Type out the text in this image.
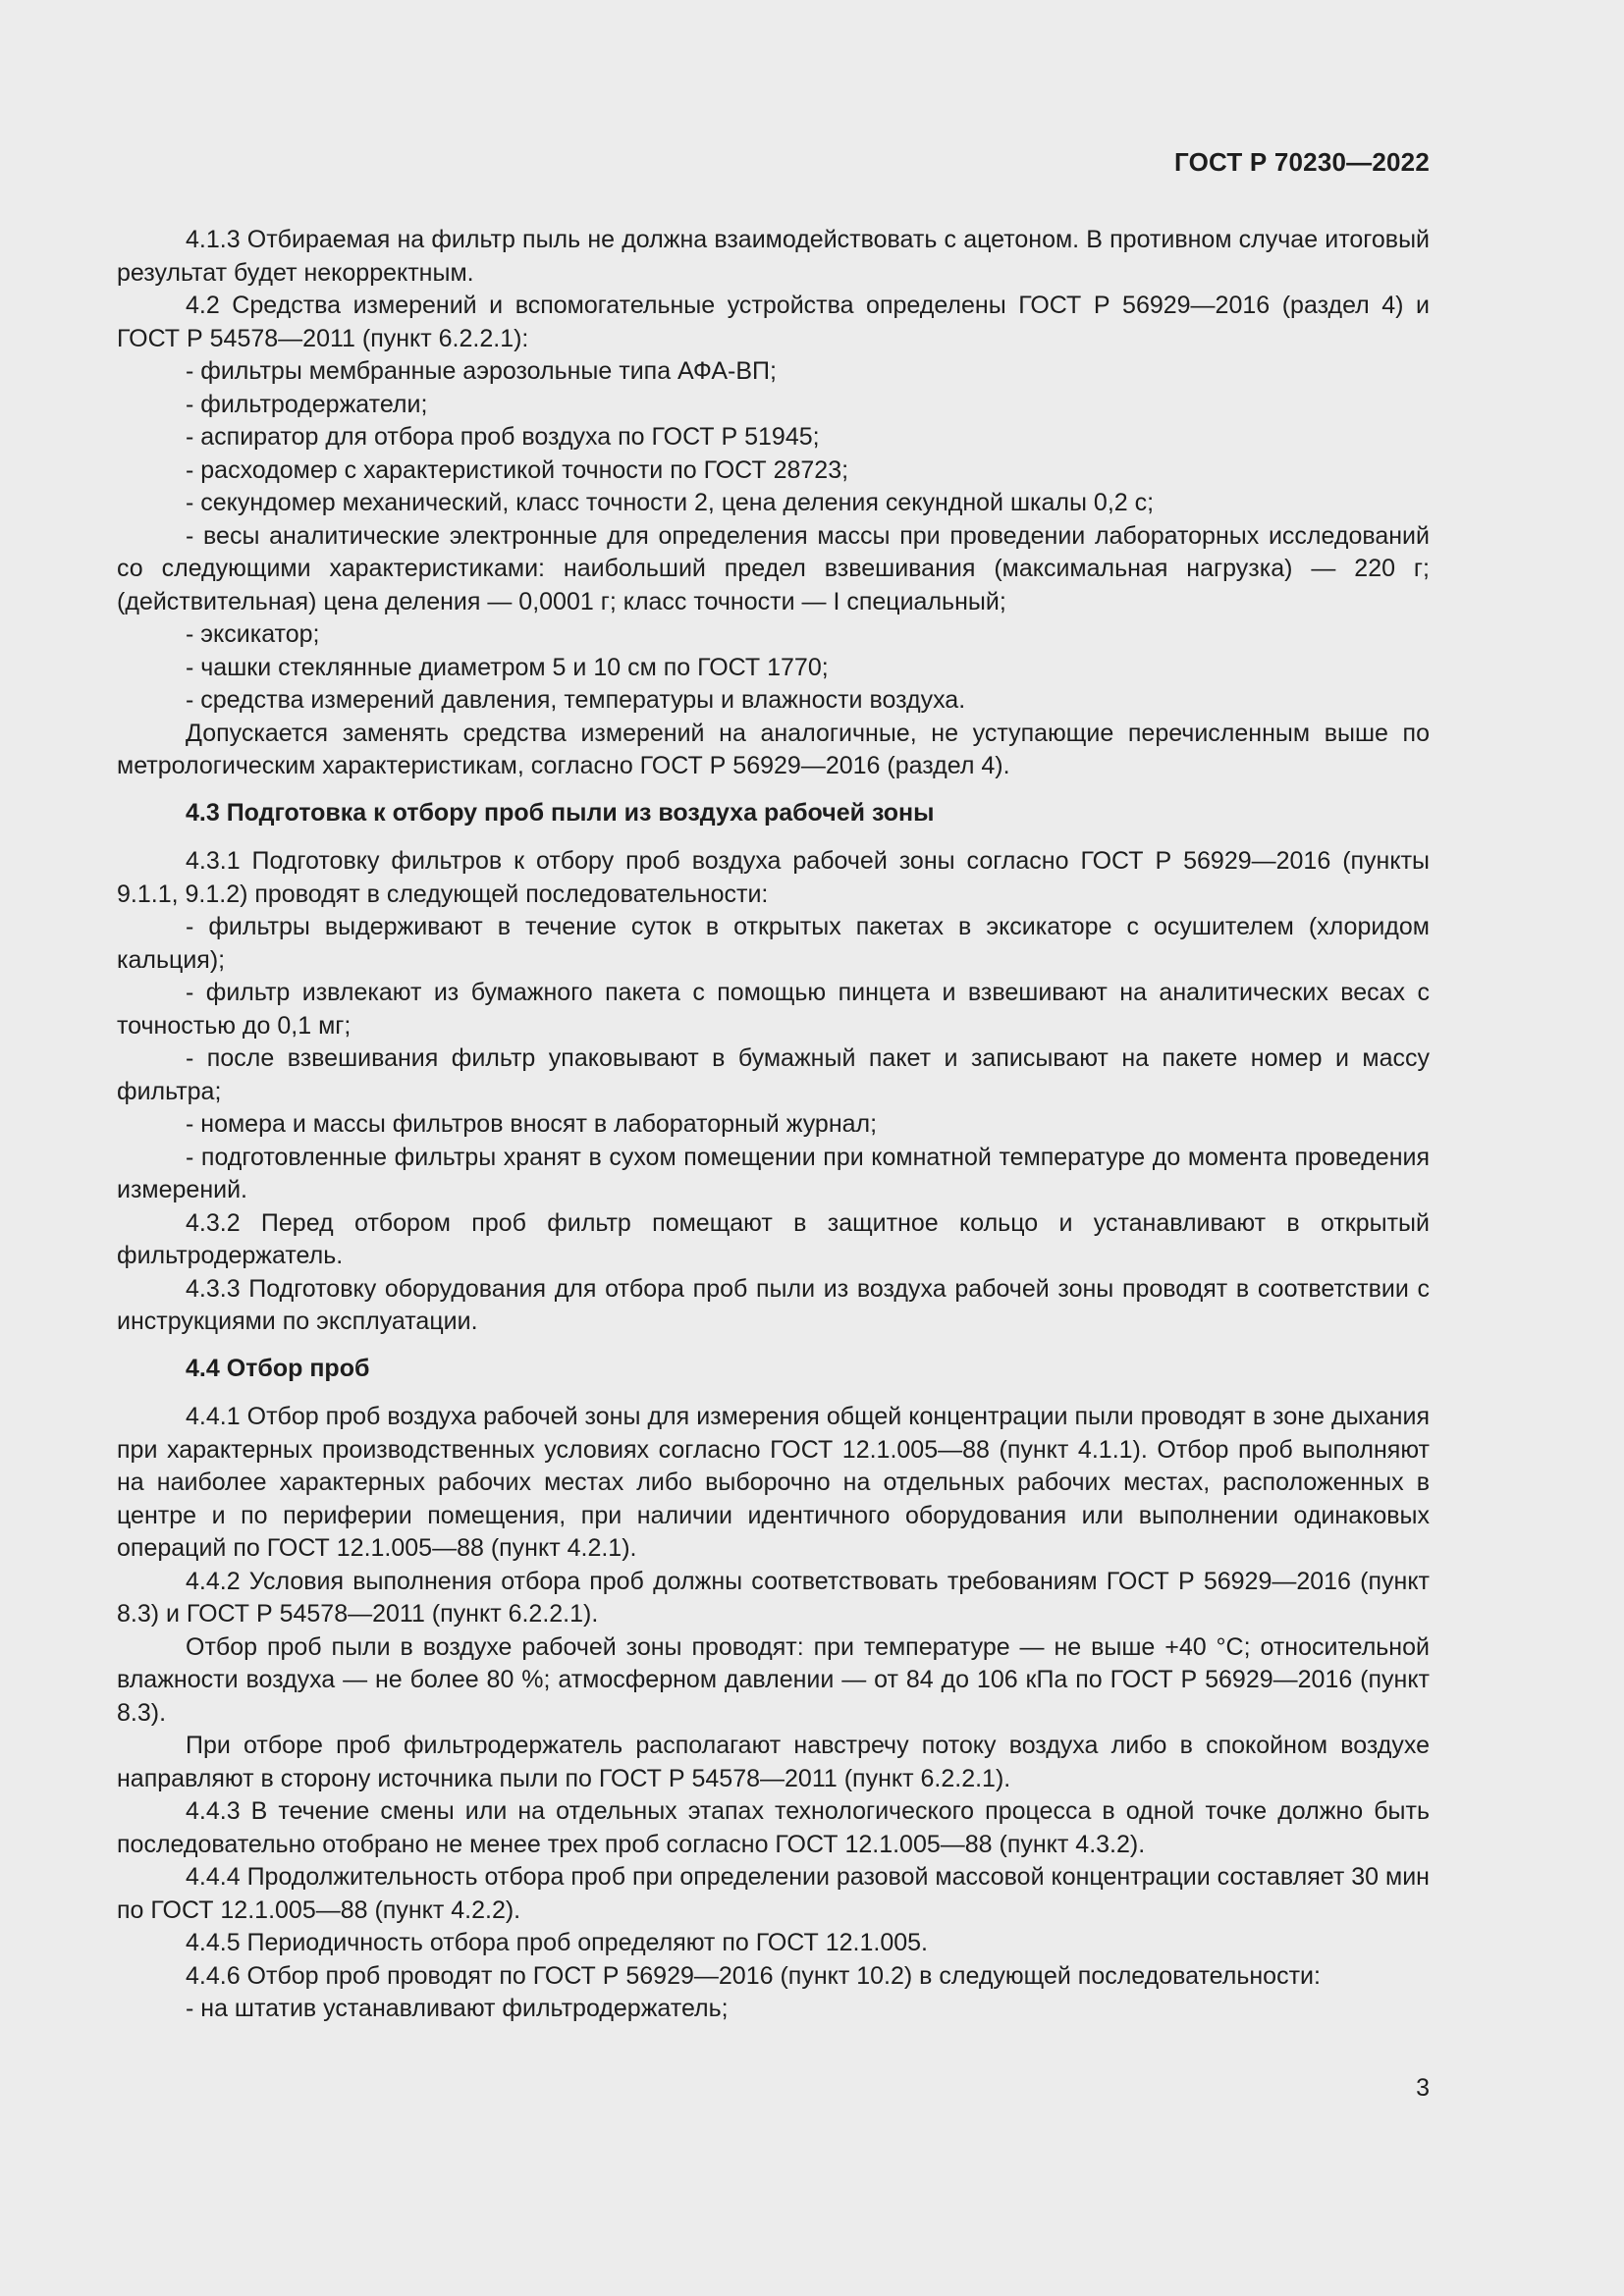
ГОСТ Р 70230—2022

4.1.3 Отбираемая на фильтр пыль не должна взаимодействовать с ацетоном. В противном случае итоговый результат будет некорректным.

4.2 Средства измерений и вспомогательные устройства определены ГОСТ Р 56929—2016 (раздел 4) и ГОСТ Р 54578—2011 (пункт 6.2.2.1):

- фильтры мембранные аэрозольные типа АФА-ВП;

- фильтродержатели;

- аспиратор для отбора проб воздуха по ГОСТ Р 51945;

- расходомер с характеристикой точности по ГОСТ 28723;

- секундомер механический, класс точности 2, цена деления секундной шкалы 0,2 с;

- весы аналитические электронные для определения массы при проведении лабораторных исследований со следующими характеристиками: наибольший предел взвешивания (максимальная нагрузка) — 220 г; (действительная) цена деления — 0,0001 г; класс точности — I специальный;

- эксикатор;

- чашки стеклянные диаметром 5 и 10 см по ГОСТ 1770;

- средства измерений давления, температуры и влажности воздуха.

Допускается заменять средства измерений на аналогичные, не уступающие перечисленным выше по метрологическим характеристикам, согласно ГОСТ Р 56929—2016 (раздел 4).

4.3 Подготовка к отбору проб пыли из воздуха рабочей зоны

4.3.1 Подготовку фильтров к отбору проб воздуха рабочей зоны согласно ГОСТ Р 56929—2016 (пункты 9.1.1, 9.1.2) проводят в следующей последовательности:

- фильтры выдерживают в течение суток в открытых пакетах в эксикаторе с осушителем (хлоридом кальция);

- фильтр извлекают из бумажного пакета с помощью пинцета и взвешивают на аналитических весах с точностью до 0,1 мг;

- после взвешивания фильтр упаковывают в бумажный пакет и записывают на пакете номер и массу фильтра;

- номера и массы фильтров вносят в лабораторный журнал;

- подготовленные фильтры хранят в сухом помещении при комнатной температуре до момента проведения измерений.

4.3.2 Перед отбором проб фильтр помещают в защитное кольцо и устанавливают в открытый фильтродержатель.

4.3.3 Подготовку оборудования для отбора проб пыли из воздуха рабочей зоны проводят в соответствии с инструкциями по эксплуатации.

4.4 Отбор проб

4.4.1 Отбор проб воздуха рабочей зоны для измерения общей концентрации пыли проводят в зоне дыхания при характерных производственных условиях согласно ГОСТ 12.1.005—88 (пункт 4.1.1). Отбор проб выполняют на наиболее характерных рабочих местах либо выборочно на отдельных рабочих местах, расположенных в центре и по периферии помещения, при наличии идентичного оборудования или выполнении одинаковых операций по ГОСТ 12.1.005—88 (пункт 4.2.1).

4.4.2 Условия выполнения отбора проб должны соответствовать требованиям ГОСТ Р 56929—2016 (пункт 8.3) и ГОСТ Р 54578—2011 (пункт 6.2.2.1).

Отбор проб пыли в воздухе рабочей зоны проводят: при температуре — не выше +40 °С; относительной влажности воздуха — не более 80 %; атмосферном давлении — от 84 до 106 кПа по ГОСТ Р 56929—2016 (пункт 8.3).

При отборе проб фильтродержатель располагают навстречу потоку воздуха либо в спокойном воздухе направляют в сторону источника пыли по ГОСТ Р 54578—2011 (пункт 6.2.2.1).

4.4.3 В течение смены или на отдельных этапах технологического процесса в одной точке должно быть последовательно отобрано не менее трех проб согласно ГОСТ 12.1.005—88 (пункт 4.3.2).

4.4.4 Продолжительность отбора проб при определении разовой массовой концентрации составляет 30 мин по ГОСТ 12.1.005—88 (пункт 4.2.2).

4.4.5 Периодичность отбора проб определяют по ГОСТ 12.1.005.

4.4.6 Отбор проб проводят по ГОСТ Р 56929—2016 (пункт 10.2) в следующей последовательности:

- на штатив устанавливают фильтродержатель;

3
